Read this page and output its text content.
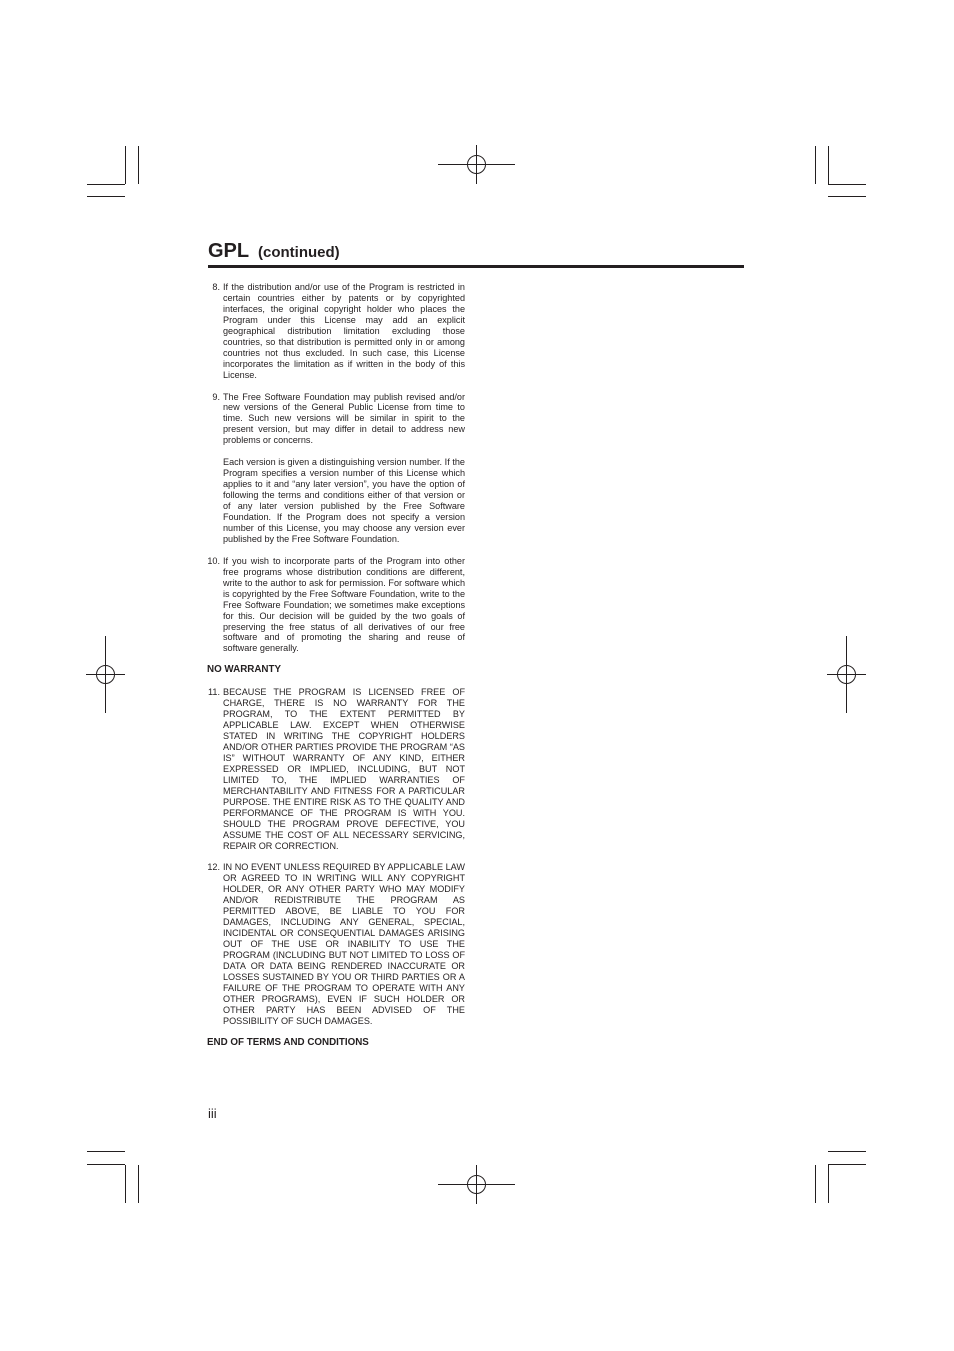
GPL (continued)
8. If the distribution and/or use of the Program is restricted in certain countries either by patents or by copyrighted interfaces, the original copyright holder who places the Program under this License may add an explicit geographical distribution limitation excluding those countries, so that distribution is permitted only in or among countries not thus excluded. In such case, this License incorporates the limitation as if written in the body of this License.

9. The Free Software Foundation may publish revised and/or new versions of the General Public License from time to time. Such new versions will be similar in spirit to the present version, but may differ in detail to address new problems or concerns.

Each version is given a distinguishing version number. If the Program specifies a version number of this License which applies to it and “any later version”, you have the option of following the terms and conditions either of that version or of any later version published by the Free Software Foundation. If the Program does not specify a version number of this License, you may choose any version ever published by the Free Software Foundation.

10. If you wish to incorporate parts of the Program into other free programs whose distribution conditions are different, write to the author to ask for permission. For software which is copyrighted by the Free Software Foundation, write to the Free Software Foundation; we sometimes make exceptions for this. Our decision will be guided by the two goals of preserving the free status of all derivatives of our free software and of promoting the sharing and reuse of software generally.

NO WARRANTY
11. BECAUSE THE PROGRAM IS LICENSED FREE OF CHARGE, THERE IS NO WARRANTY FOR THE PROGRAM, TO THE EXTENT PERMITTED BY APPLICABLE LAW. EXCEPT WHEN OTHERWISE STATED IN WRITING THE COPYRIGHT HOLDERS AND/OR OTHER PARTIES PROVIDE THE PROGRAM “AS IS” WITHOUT WARRANTY OF ANY KIND, EITHER EXPRESSED OR IMPLIED, INCLUDING, BUT NOT LIMITED TO, THE IMPLIED WARRANTIES OF MERCHANTABILITY AND FITNESS FOR A PARTICULAR PURPOSE. THE ENTIRE RISK AS TO THE QUALITY AND PERFORMANCE OF THE PROGRAM IS WITH YOU. SHOULD THE PROGRAM PROVE DEFECTIVE, YOU ASSUME THE COST OF ALL NECESSARY SERVICING, REPAIR OR CORRECTION.

12. IN NO EVENT UNLESS REQUIRED BY APPLICABLE LAW OR AGREED TO IN WRITING WILL ANY COPYRIGHT HOLDER, OR ANY OTHER PARTY WHO MAY MODIFY AND/OR REDISTRIBUTE THE PROGRAM AS PERMITTED ABOVE, BE LIABLE TO YOU FOR DAMAGES, INCLUDING ANY GENERAL, SPECIAL, INCIDENTAL OR CONSEQUENTIAL DAMAGES ARISING OUT OF THE USE OR INABILITY TO USE THE PROGRAM (INCLUDING BUT NOT LIMITED TO LOSS OF DATA OR DATA BEING RENDERED INACCURATE OR LOSSES SUSTAINED BY YOU OR THIRD PARTIES OR A FAILURE OF THE PROGRAM TO OPERATE WITH ANY OTHER PROGRAMS), EVEN IF SUCH HOLDER OR OTHER PARTY HAS BEEN ADVISED OF THE POSSIBILITY OF SUCH DAMAGES.

END OF TERMS AND CONDITIONS
iii
